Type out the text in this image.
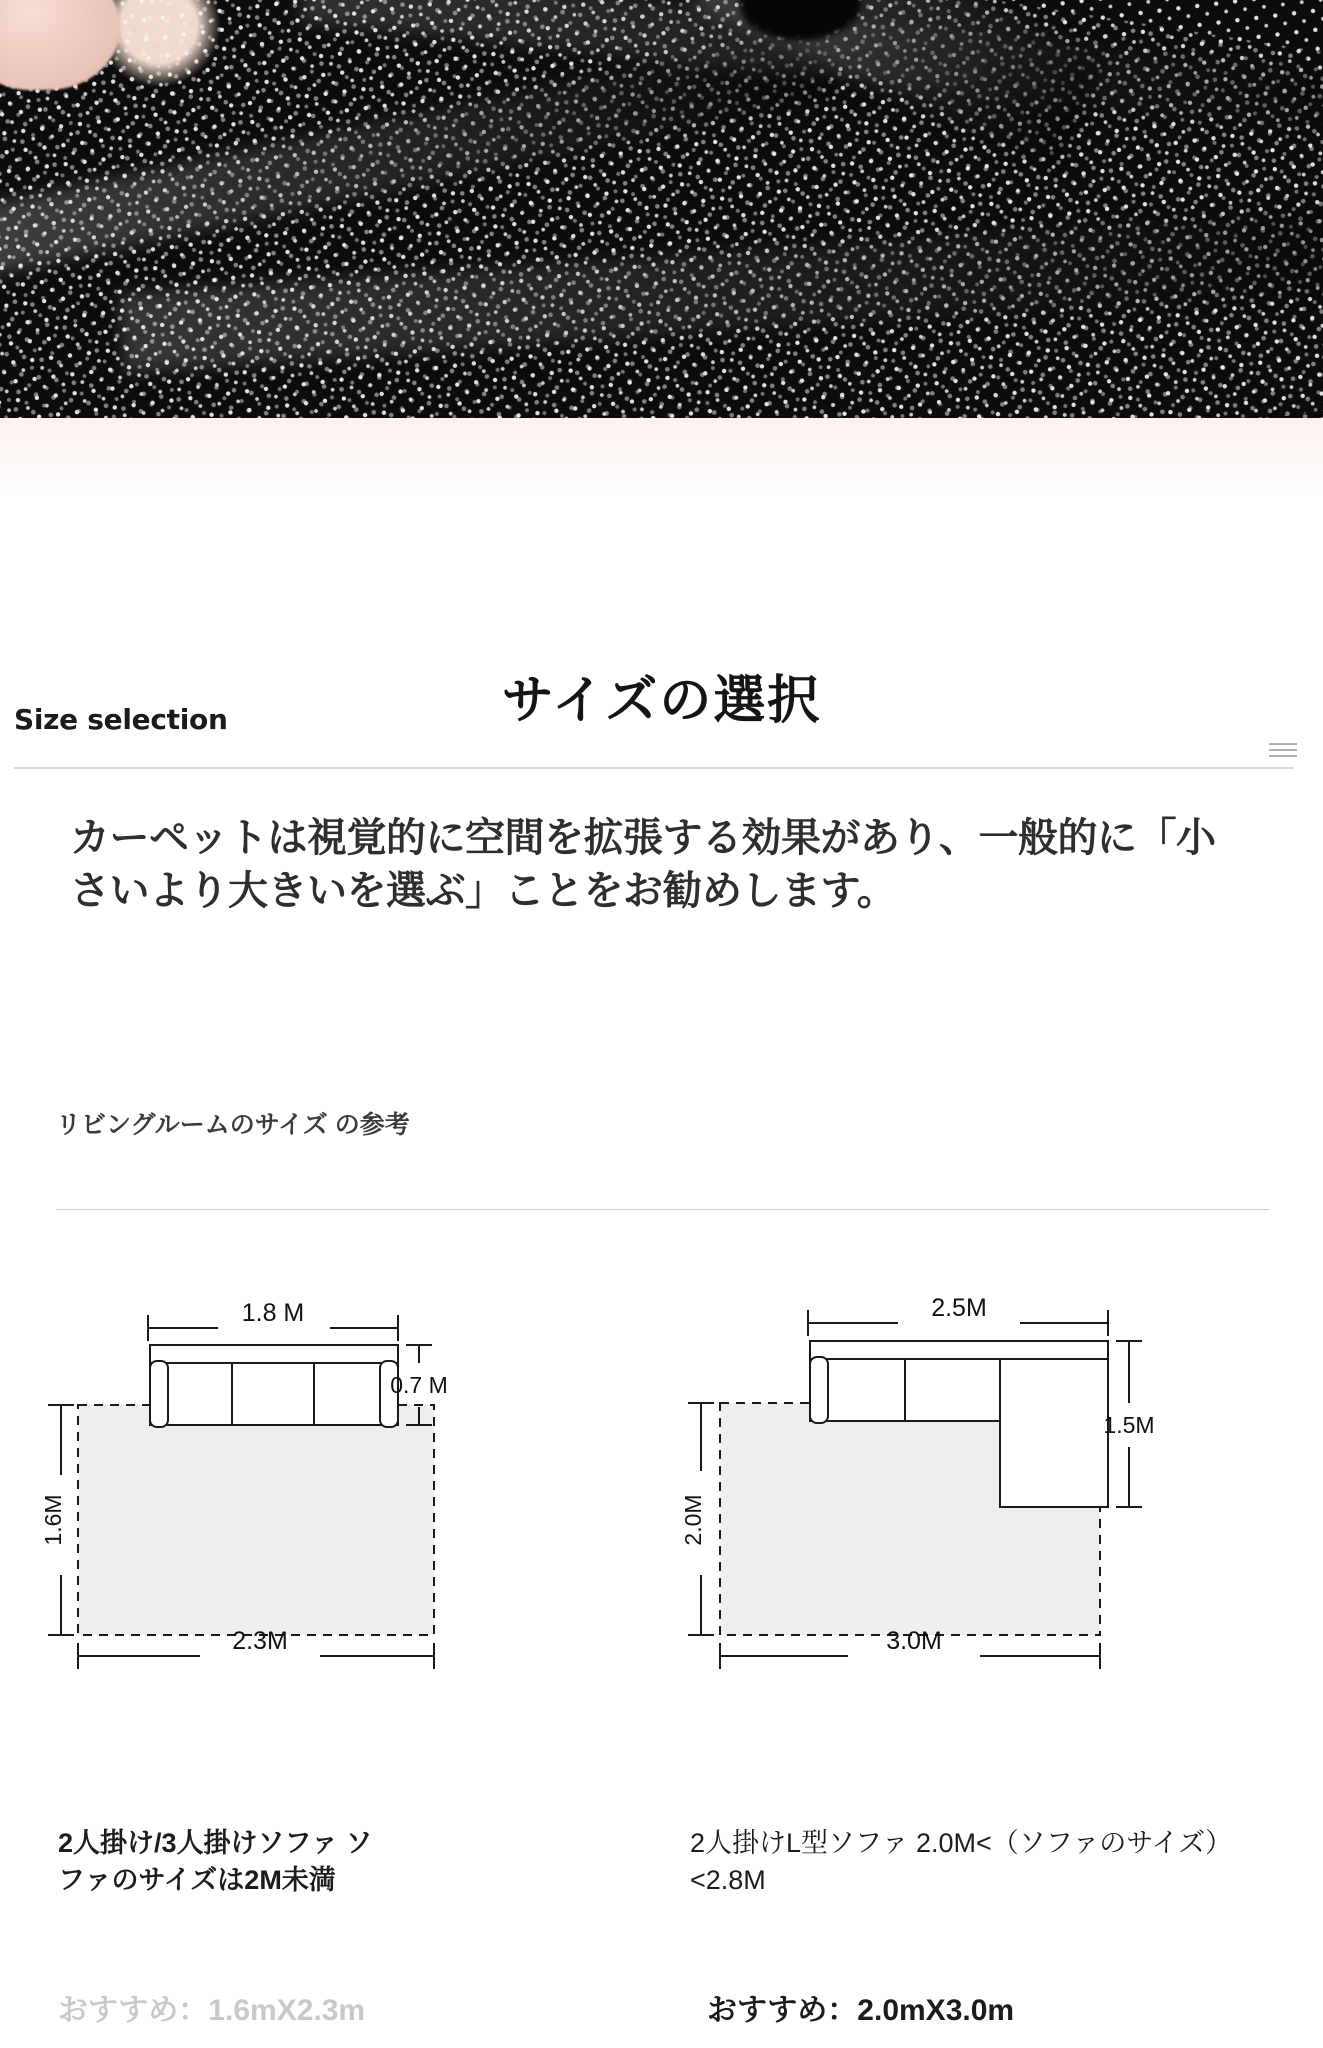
Size selection	サイズの選択
カーペットは視覚的に空間を拡張する効果があり、一般的に「小さいより大きいを選ぶ」ことをお勧めします。
リビングルームのサイズ の参考
1.8 M
0.7 M
1.6M
2.3M
2.5M
1.5M
2.0M
3.0M
2人掛け/3人掛けソファ ソファのサイズは2M未満
2人掛けL型ソファ 2.0M<（ソファのサイズ）<2.8M
おすすめ：1.6mX2.3m	おすすめ：2.0mX3.0m
